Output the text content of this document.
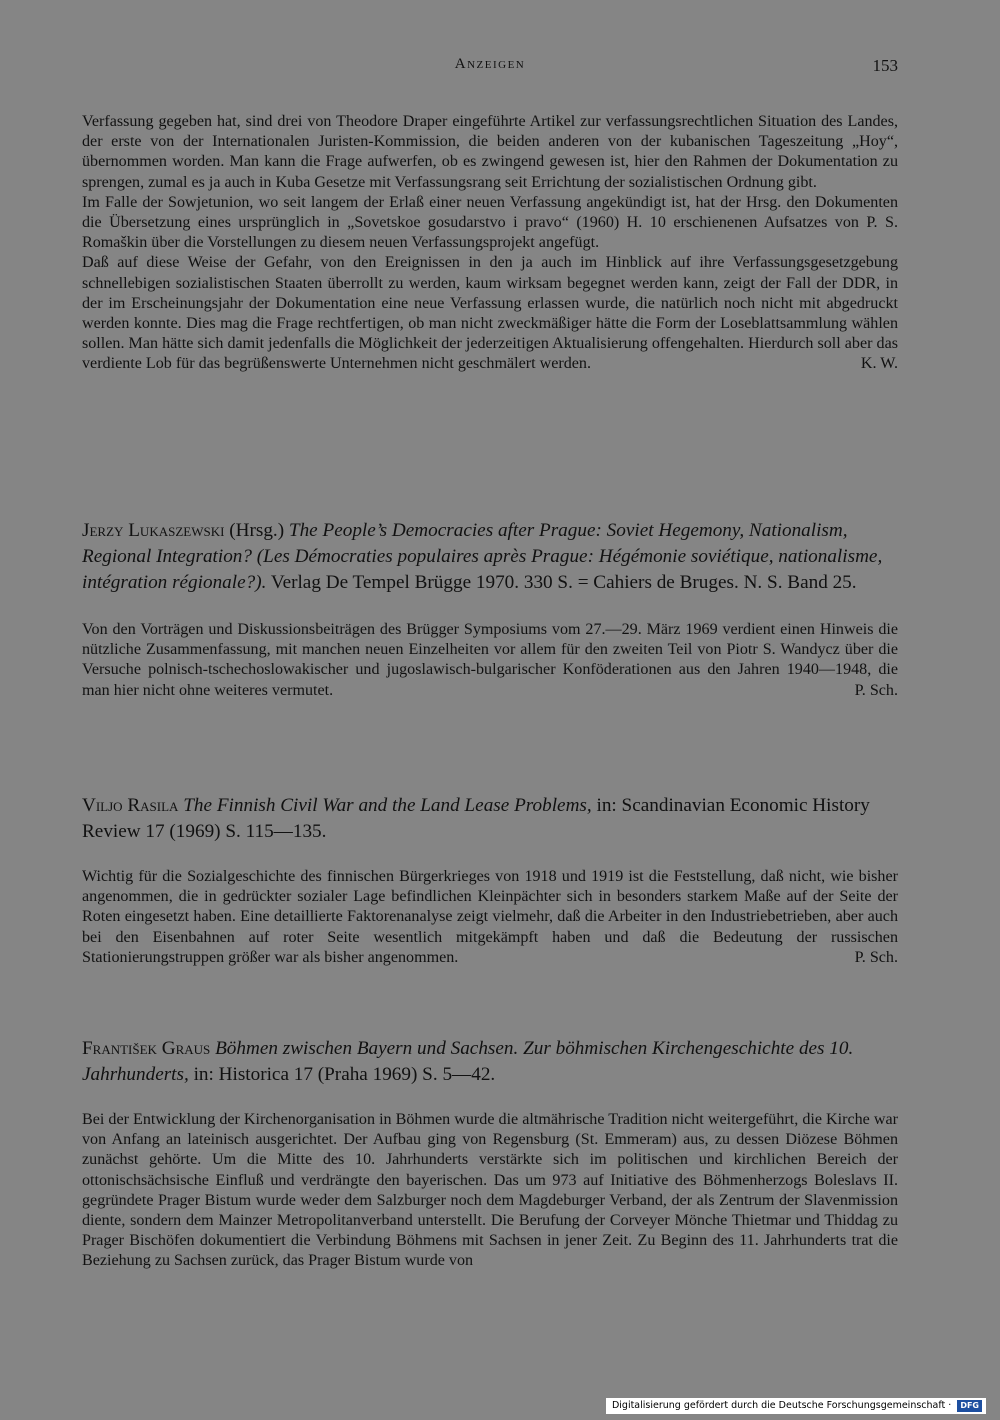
Anzeigen	153

Verfassung gegeben hat, sind drei von Theodore Draper eingeführte Artikel zur verfassungsrechtlichen Situation des Landes, der erste von der Internationalen Juristen-Kommission, die beiden anderen von der kubanischen Tageszeitung „Hoy“, übernommen worden. Man kann die Frage aufwerfen, ob es zwingend gewesen ist, hier den Rahmen der Dokumentation zu sprengen, zumal es ja auch in Kuba Gesetze mit Verfassungsrang seit Errichtung der sozialistischen Ordnung gibt.

Im Falle der Sowjetunion, wo seit langem der Erlaß einer neuen Verfassung angekündigt ist, hat der Hrsg. den Dokumenten die Übersetzung eines ursprünglich in „Sovetskoe gosudarstvo i pravo“ (1960) H. 10 erschienenen Aufsatzes von P. S. Romaškin über die Vorstellungen zu diesem neuen Verfassungsprojekt angefügt.

Daß auf diese Weise der Gefahr, von den Ereignissen in den ja auch im Hinblick auf ihre Verfassungsgesetzgebung schnellebigen sozialistischen Staaten überrollt zu werden, kaum wirksam begegnet werden kann, zeigt der Fall der DDR, in der im Erscheinungsjahr der Dokumentation eine neue Verfassung erlassen wurde, die natürlich noch nicht mit abgedruckt werden konnte. Dies mag die Frage rechtfertigen, ob man nicht zweckmäßiger hätte die Form der Loseblattsammlung wählen sollen. Man hätte sich damit jedenfalls die Möglichkeit der jederzeitigen Aktualisierung offengehalten. Hierdurch soll aber das verdiente Lob für das begrüßenswerte Unternehmen nicht geschmälert werden.	K. W.

Jerzy Lukaszewski (Hrsg.) The People’s Democracies after Prague: Soviet Hegemony, Nationalism, Regional Integration? (Les Démocraties populaires après Prague: Hégémonie soviétique, nationalisme, intégration régionale?). Verlag De Tempel Brügge 1970. 330 S. = Cahiers de Bruges. N. S. Band 25.

Von den Vorträgen und Diskussionsbeiträgen des Brügger Symposiums vom 27.—29. März 1969 verdient einen Hinweis die nützliche Zusammenfassung, mit manchen neuen Einzelheiten vor allem für den zweiten Teil von Piotr S. Wandycz über die Versuche polnisch-tschechoslowakischer und jugoslawisch-bulgarischer Konföderationen aus den Jahren 1940—1948, die man hier nicht ohne weiteres vermutet.	P. Sch.

Viljo Rasila The Finnish Civil War and the Land Lease Problems, in: Scandinavian Economic History Review 17 (1969) S. 115—135.

Wichtig für die Sozialgeschichte des finnischen Bürgerkrieges von 1918 und 1919 ist die Feststellung, daß nicht, wie bisher angenommen, die in gedrückter sozialer Lage befindlichen Kleinpächter sich in besonders starkem Maße auf der Seite der Roten eingesetzt haben. Eine detaillierte Faktorenanalyse zeigt vielmehr, daß die Arbeiter in den Industriebetrieben, aber auch bei den Eisenbahnen auf roter Seite wesentlich mitgekämpft haben und daß die Bedeutung der russischen Stationierungstruppen größer war als bisher angenommen.	P. Sch.

František Graus Böhmen zwischen Bayern und Sachsen. Zur böhmischen Kirchengeschichte des 10. Jahrhunderts, in: Historica 17 (Praha 1969) S. 5—42.

Bei der Entwicklung der Kirchenorganisation in Böhmen wurde die altmährische Tradition nicht weitergeführt, die Kirche war von Anfang an lateinisch ausgerichtet. Der Aufbau ging von Regensburg (St. Emmeram) aus, zu dessen Diözese Böhmen zunächst gehörte. Um die Mitte des 10. Jahrhunderts verstärkte sich im politischen und kirchlichen Bereich der ottonischsächsische Einfluß und verdrängte den bayerischen. Das um 973 auf Initiative des Böhmenherzogs Boleslavs II. gegründete Prager Bistum wurde weder dem Salzburger noch dem Magdeburger Verband, der als Zentrum der Slavenmission diente, sondern dem Mainzer Metropolitanverband unterstellt. Die Berufung der Corveyer Mönche Thietmar und Thiddag zu Prager Bischöfen dokumentiert die Verbindung Böhmens mit Sachsen in jener Zeit. Zu Beginn des 11. Jahrhunderts trat die Beziehung zu Sachsen zurück, das Prager Bistum wurde von

Digitalisierung gefördert durch die Deutsche Forschungsgemeinschaft · DFG
